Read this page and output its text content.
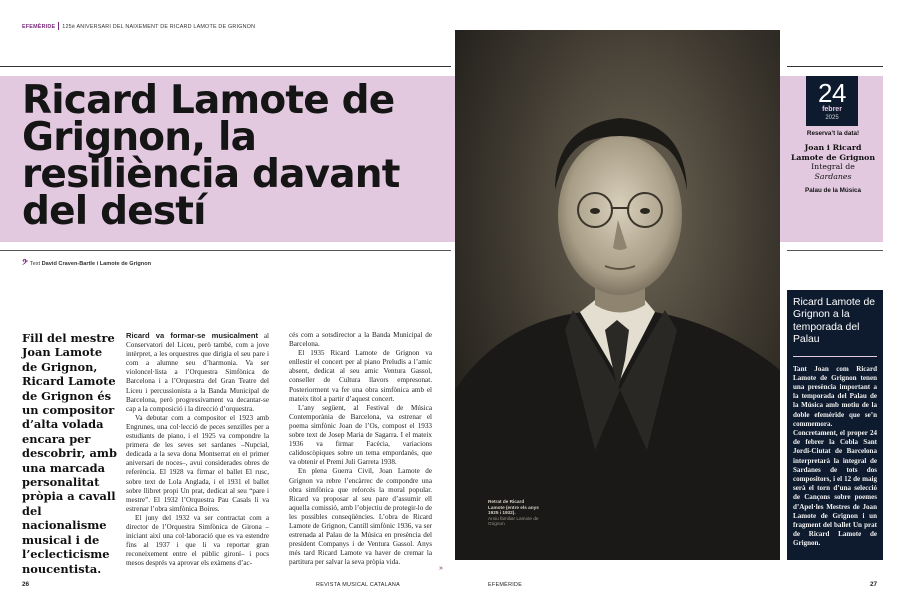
EFEMÈRIDE 125è ANIVERSARI DEL NAIXEMENT DE RICARD LAMOTE DE GRIGNON
Ricard Lamote de Grignon, la resiliència davant del destí
𝄢 Text David Craven-Bartle i Lamote de Grignon

Fill del mestre Joan Lamote de Grignon, Ricard Lamote de Grignon és un compositor d’alta volada encara per descobrir, amb una marcada personalitat pròpia a cavall del nacionalisme musical i de l’eclecticisme noucentista.

Ricard va formar-se musicalment al Conservatori del Liceu, però també, com a jove intèrpret, a les orquestres que dirigia el seu pare i com a alumne seu d’harmonia. Va ser violoncel·lista a l’Orquestra Simfònica de Barcelona i a l’Orquestra del Gran Teatre del Liceu i percussionista a la Banda Municipal de Barcelona, però progressivament va decantar-se cap a la composició i la direcció d’orquestra.

Va debutar com a compositor el 1923 amb Engrunes, una col·lecció de peces senzilles per a estudiants de piano, i el 1925 va compondre la primera de les seves set sardanes –Nupcial, dedicada a la seva dona Montserrat en el primer aniversari de noces–, avui considerades obres de referència. El 1928 va firmar el ballet El rusc, sobre text de Lola Anglada, i el 1931 el ballet sobre llibret propi Un prat, dedicat al seu “pare i mestre”. El 1932 l’Orquestra Pau Casals li va estrenar l’obra simfònica Boires.

El juny del 1932 va ser contractat com a director de l’Orquestra Simfònica de Girona –iniciant així una col·laboració que es va estendre fins al 1937 i que li va reportar gran reconeixement entre el públic gironí– i pocs mesos després va aprovar els exàmens d’ac-

cés com a sotsdirector a la Banda Municipal de Barcelona.

El 1935 Ricard Lamote de Grignon va enllestir el concert per al piano Preludis a l’amic absent, dedicat al seu amic Ventura Gassol, conseller de Cultura llavors empresonat. Posteriorment va fer una obra simfònica amb el mateix títol a partir d’aquest concert.

L’any següent, al Festival de Música Contemporània de Barcelona, va estrenar el poema simfònic Joan de l’Os, compost el 1933 sobre text de Josep Maria de Sagarra. I el mateix 1936 va firmar Facècia, variacions calidoscòpiques sobre un tema empordanès, que va obtenir el Premi Juli Garreta 1938.

En plena Guerra Civil, Joan Lamote de Grignon va rebre l’encàrrec de compondre una obra simfònica que reforcés la moral popular. Ricard va proposar al seu pare d’assumir ell aquella comissió, amb l’objectiu de protegir-lo de les possibles conseqüències. L’obra de Ricard Lamote de Grignon, Cantill simfònic 1936, va ser estrenada al Palau de la Música en presència del president Companys i de Ventura Gassol. Anys més tard Ricard Lamote va haver de cremar la partitura per salvar la seva pròpia vida.

»
Retrat de Ricard Lamote (entre els anys 1925 i 1932).
Arxiu familiar Lamote de Grignon
24
febrer
2025
Reserva’t la data!
Joan i Ricard Lamote de Grignon
Integral de
Sardanes
Palau de la Música
Ricard Lamote de Grignon a la temporada del Palau

Tant Joan com Ricard Lamote de Grignon tenen una presència important a la temporada del Palau de la Música amb motiu de la doble efemèride que se’n commemora. Concretament, el proper 24 de febrer la Cobla Sant Jordi-Ciutat de Barcelona interpretarà la integral de Sardanes de tots dos compositors, i el 12 de maig serà el torn d’una selecció de Cançons sobre poemes d’Apel·les Mestres de Joan Lamote de Grignon i un fragment del ballet Un prat de Ricard Lamote de Grignon.

26	REVISTA MUSICAL CATALANA	EFEMÈRIDE	27
